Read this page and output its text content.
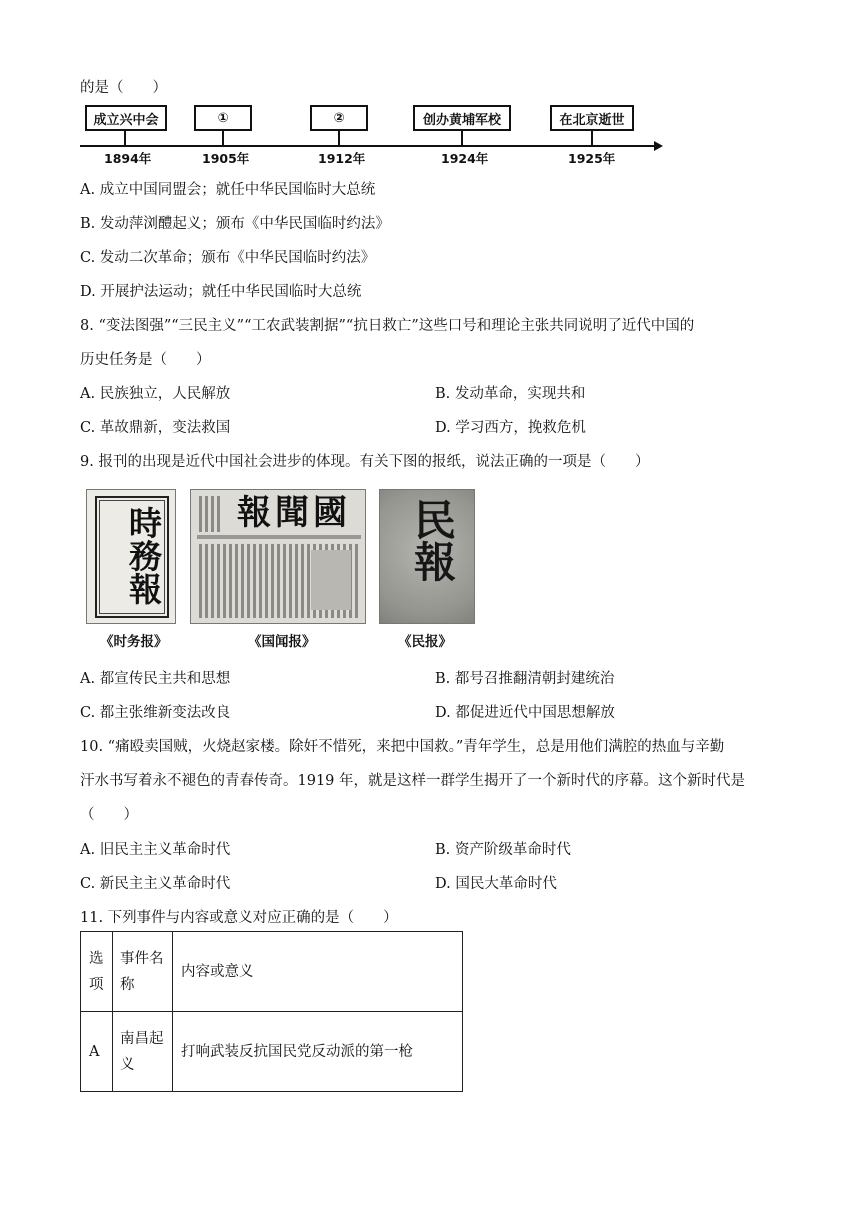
的是（　　）
成立兴中会	①	②	创办黄埔军校	在北京逝世
1894年	1905年	1912年	1924年	1925年
A. 成立中国同盟会；就任中华民国临时大总统
B. 发动萍浏醴起义；颁布《中华民国临时约法》
C. 发动二次革命；颁布《中华民国临时约法》
D. 开展护法运动；就任中华民国临时大总统
8. “变法图强”“三民主义”“工农武装割据”“抗日救亡”这些口号和理论主张共同说明了近代中国的
历史任务是（　　）
A. 民族独立，人民解放	B. 发动革命，实现共和
C. 革故鼎新，变法救国	D. 学习西方，挽救危机
9. 报刊的出现是近代中国社会进步的体现。有关下图的报纸，说法正确的一项是（　　）
時務報
《时务报》
國聞報
《国闻报》
民報
《民报》
A. 都宣传民主共和思想	B. 都号召推翻清朝封建统治
C. 都主张维新变法改良	D. 都促进近代中国思想解放
10. “痛殴卖国贼，火烧赵家楼。除奸不惜死，来把中国救。”青年学生，总是用他们满腔的热血与辛勤
汗水书写着永不褪色的青春传奇。1919 年，就是这样一群学生揭开了一个新时代的序幕。这个新时代是
（　　）
A. 旧民主主义革命时代	B. 资产阶级革命时代
C. 新民主主义革命时代	D. 国民大革命时代
11. 下列事件与内容或意义对应正确的是（　　）
选项	事件名称	内容或意义
A	南昌起义	打响武装反抗国民党反动派的第一枪
